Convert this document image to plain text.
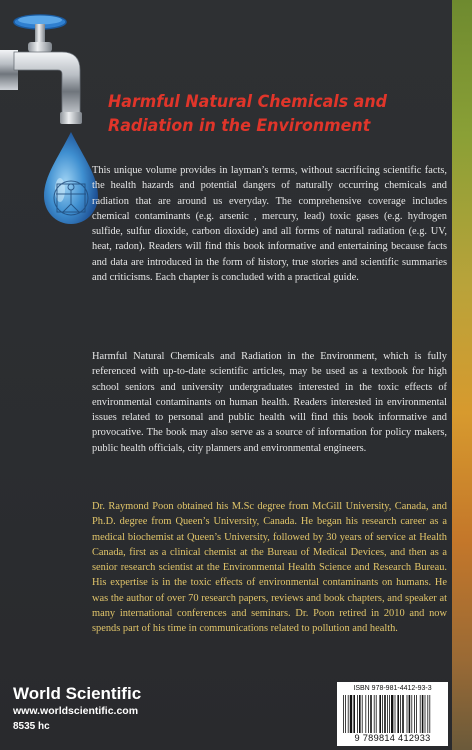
Harmful Natural Chemicals and
Radiation in the Environment
This unique volume provides in layman’s terms, without sacrificing scientific facts, the health hazards and potential dangers of naturally occurring chemicals and radiation that are around us everyday. The comprehensive coverage includes chemical contaminants (e.g. arsenic , mercury, lead) toxic gases (e.g. hydrogen sulfide, sulfur dioxide, carbon dioxide) and all forms of natural radiation (e.g. UV, heat, radon). Readers will find this book informative and entertaining because facts and data are introduced in the form of history, true stories and scientific summaries and criticisms. Each chapter is concluded with a practical guide.
Harmful Natural Chemicals and Radiation in the Environment, which is fully referenced with up-to-date scientific articles, may be used as a textbook for high school seniors and university undergraduates interested in the toxic effects of environmental contaminants on human health. Readers interested in environmental issues related to personal and public health will find this book informative and provocative. The book may also serve as a source of information for policy makers, public health officials, city planners and environmental engineers.
Dr. Raymond Poon obtained his M.Sc degree from McGill University, Canada, and Ph.D. degree from Queen’s University, Canada. He began his research career as a medical biochemist at Queen’s University, followed by 30 years of service at Health Canada, first as a clinical chemist at the Bureau of Medical Devices, and then as a senior research scientist at the Environmental Health Science and Research Bureau. His expertise is in the toxic effects of environmental contaminants on humans. He was the author of over 70 research papers, reviews and book chapters, and speaker at many international conferences and seminars. Dr. Poon retired in 2010 and now spends part of his time in communications related to pollution and health.
World Scientific
www.worldscientific.com
8535 hc
ISBN 978-981-4412-93-3
9 789814 412933
